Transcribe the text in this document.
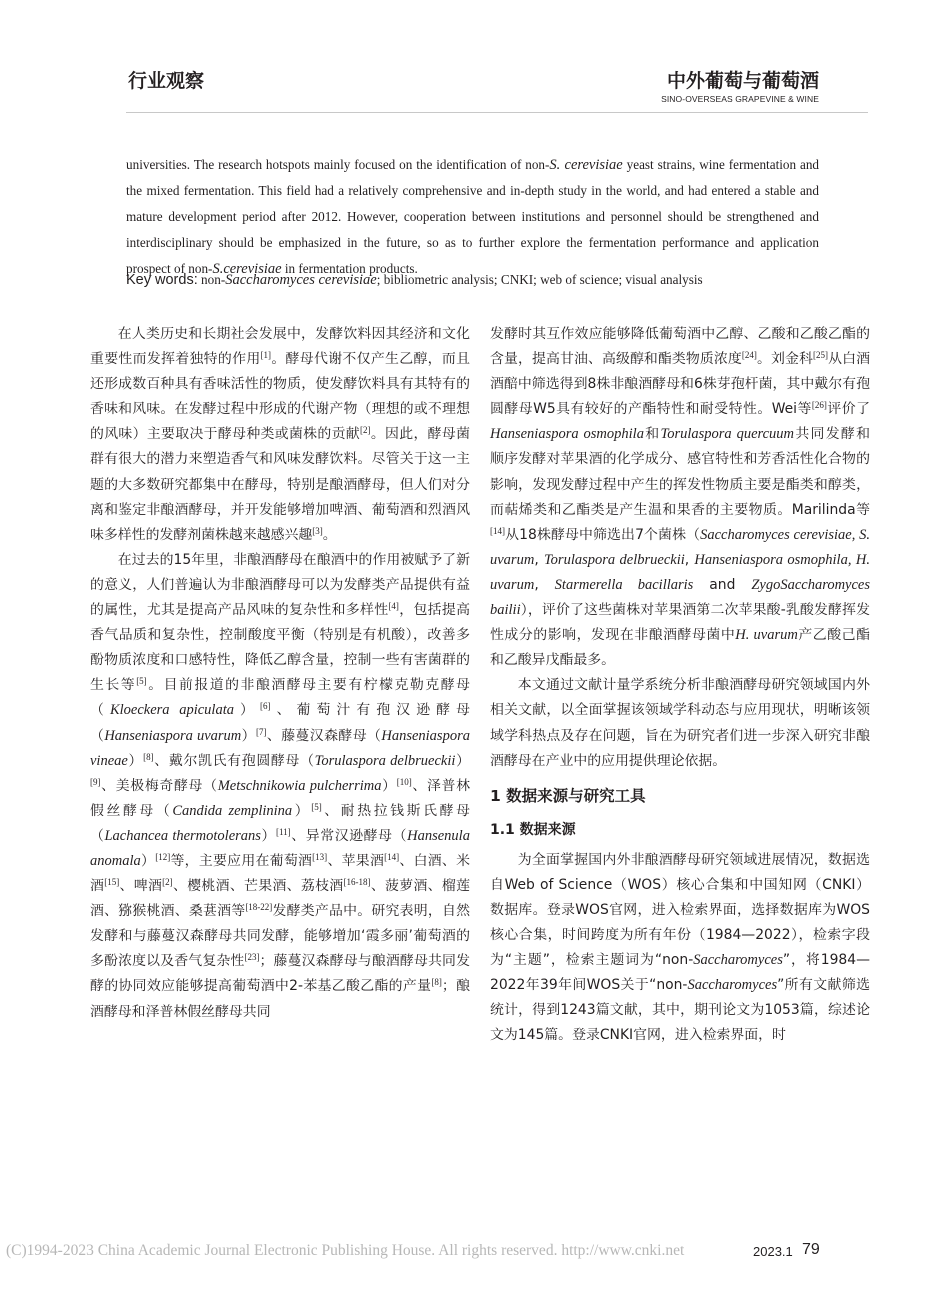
行业观察	中外葡萄与葡萄酒
SINO-OVERSEAS GRAPEVINE & WINE

universities. The research hotspots mainly focused on the identification of non-S. cerevisiae yeast strains, wine fermentation and the mixed fermentation. This field had a relatively comprehensive and in-depth study in the world, and had entered a stable and mature development period after 2012. However, cooperation between institutions and personnel should be strengthened and interdisciplinary should be emphasized in the future, so as to further explore the fermentation performance and application prospect of non-S.cerevisiae in fermentation products.

Key words: non-Saccharomyces cerevisiae; bibliometric analysis; CNKI; web of science; visual analysis

在人类历史和长期社会发展中，发酵饮料因其经济和文化重要性而发挥着独特的作用[1]。酵母代谢不仅产生乙醇，而且还形成数百种具有香味活性的物质，使发酵饮料具有其特有的香味和风味。在发酵过程中形成的代谢产物（理想的或不理想的风味）主要取决于酵母种类或菌株的贡献[2]。因此，酵母菌群有很大的潜力来塑造香气和风味发酵饮料。尽管关于这一主题的大多数研究都集中在酵母，特别是酿酒酵母，但人们对分离和鉴定非酿酒酵母，并开发能够增加啤酒、葡萄酒和烈酒风味多样性的发酵剂菌株越来越感兴趣[3]。

在过去的15年里，非酿酒酵母在酿酒中的作用被赋予了新的意义，人们普遍认为非酿酒酵母可以为发酵类产品提供有益的属性，尤其是提高产品风味的复杂性和多样性[4]，包括提高香气品质和复杂性，控制酸度平衡（特别是有机酸），改善多酚物质浓度和口感特性，降低乙醇含量，控制一些有害菌群的生长等[5]。目前报道的非酿酒酵母主要有柠檬克勒克酵母（Kloeckera apiculata）[6]、葡萄汁有孢汉逊酵母（Hanseniaspora uvarum）[7]、藤蔓汉森酵母（Hanseniaspora vineae）[8]、戴尔凯氏有孢圆酵母（Torulaspora delbrueckii）[9]、美极梅奇酵母（Metschnikowia pulcherrima）[10]、泽普林假丝酵母（Candida zemplinina）[5]、耐热拉钱斯氏酵母（Lachancea thermotolerans）[11]、异常汉逊酵母（Hansenula anomala）[12]等，主要应用在葡萄酒[13]、苹果酒[14]、白酒、米酒[15]、啤酒[2]、樱桃酒、芒果酒、荔枝酒[16-18]、菠萝酒、榴莲酒、猕猴桃酒、桑葚酒等[18-22]发酵类产品中。研究表明，自然发酵和与藤蔓汉森酵母共同发酵，能够增加‘霞多丽’葡萄酒的多酚浓度以及香气复杂性[23]；藤蔓汉森酵母与酿酒酵母共同发酵的协同效应能够提高葡萄酒中2-苯基乙酸乙酯的产量[8]；酿酒酵母和泽普林假丝酵母共同

发酵时其互作效应能够降低葡萄酒中乙醇、乙酸和乙酸乙酯的含量，提高甘油、高级醇和酯类物质浓度[24]。刘金科[25]从白酒酒醅中筛选得到8株非酿酒酵母和6株芽孢杆菌，其中戴尔有孢圆酵母W5具有较好的产酯特性和耐受特性。Wei等[26]评价了Hanseniaspora osmophila和Torulaspora quercuum共同发酵和顺序发酵对苹果酒的化学成分、感官特性和芳香活性化合物的影响，发现发酵过程中产生的挥发性物质主要是酯类和醇类，而萜烯类和乙酯类是产生温和果香的主要物质。Marilinda等[14]从18株酵母中筛选出7个菌株（Saccharomyces cerevisiae, S. uvarum, Torulaspora delbrueckii, Hanseniaspora osmophila, H. uvarum, Starmerella bacillaris and ZygoSaccharomyces bailii），评价了这些菌株对苹果酒第二次苹果酸-乳酸发酵挥发性成分的影响，发现在非酿酒酵母菌中H. uvarum产乙酸己酯和乙酸异戊酯最多。

本文通过文献计量学系统分析非酿酒酵母研究领域国内外相关文献，以全面掌握该领域学科动态与应用现状，明晰该领域学科热点及存在问题，旨在为研究者们进一步深入研究非酿酒酵母在产业中的应用提供理论依据。

1 数据来源与研究工具
1.1 数据来源

为全面掌握国内外非酿酒酵母研究领域进展情况，数据选自Web of Science（WOS）核心合集和中国知网（CNKI）数据库。登录WOS官网，进入检索界面，选择数据库为WOS核心合集，时间跨度为所有年份（1984—2022），检索字段为“主题”，检索主题词为“non-Saccharomyces”，将1984—2022年39年间WOS关于“non-Saccharomyces”所有文献筛选统计，得到1243篇文献，其中，期刊论文为1053篇，综述论文为145篇。登录CNKI官网，进入检索界面，时

(C)1994-2023 China Academic Journal Electronic Publishing House. All rights reserved. http://www.cnki.net	2023.1 79
